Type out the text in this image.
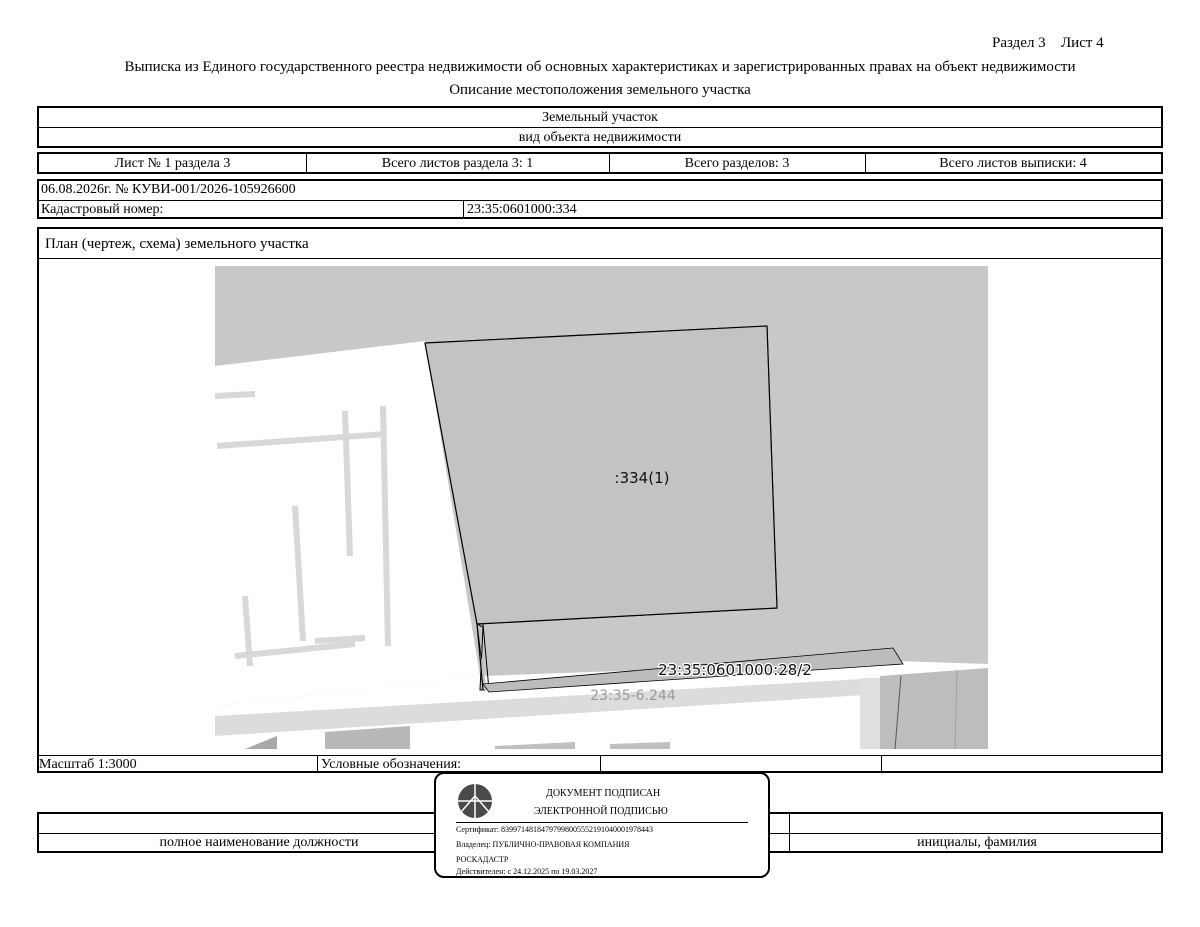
Раздел 3 Лист 4
Выписка из Единого государственного реестра недвижимости об основных характеристиках и зарегистрированных правах на объект недвижимости
Описание местоположения земельного участка
Земельный участок
вид объекта недвижимости
Лист № 1 раздела 3	Всего листов раздела 3: 1	Всего разделов: 3	Всего листов выписки: 4
06.08.2026г. № КУВИ-001/2026-105926600
Кадастровый номер:	23:35:0601000:334
План (чертеж, схема) земельного участка
Масштаб 1:3000	Условные обозначения:
:334(1)
23:35:0601000:28/2
23:35-6.244
полное наименование должности	инициалы, фамилия
ДОКУМЕНТ ПОДПИСАН
ЭЛЕКТРОННОЙ ПОДПИСЬЮ
Сертификат: 83997148184797998005552191040001978443
Владелец: ПУБЛИЧНО-ПРАВОВАЯ КОМПАНИЯ
РОСКАДАСТР
Действителен: с 24.12.2025 по 19.03.2027
